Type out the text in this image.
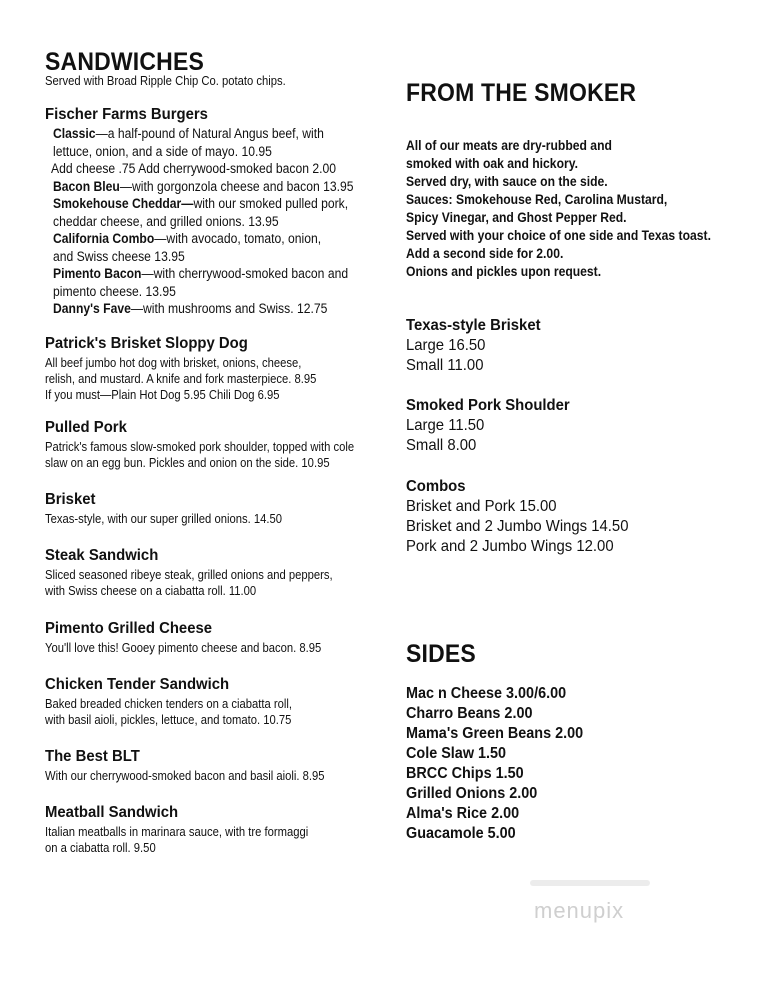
SANDWICHES
Served with Broad Ripple Chip Co. potato chips.
Fischer Farms Burgers
Classic—a half-pound of Natural Angus beef, with
lettuce, onion, and a side of mayo. 10.95
Add cheese .75 Add cherrywood-smoked bacon 2.00
Bacon Bleu—with gorgonzola cheese and bacon 13.95
Smokehouse Cheddar—with our smoked pulled pork,
cheddar cheese, and grilled onions. 13.95
California Combo—with avocado, tomato, onion,
and Swiss cheese 13.95
Pimento Bacon—with cherrywood-smoked bacon and
pimento cheese. 13.95
Danny's Fave—with mushrooms and Swiss. 12.75
Patrick's Brisket Sloppy Dog
All beef jumbo hot dog with brisket, onions, cheese,
relish, and mustard. A knife and fork masterpiece. 8.95
If you must—Plain Hot Dog 5.95 Chili Dog 6.95
Pulled Pork
Patrick's famous slow-smoked pork shoulder, topped with cole
slaw on an egg bun. Pickles and onion on the side. 10.95
Brisket
Texas-style, with our super grilled onions. 14.50
Steak Sandwich
Sliced seasoned ribeye steak, grilled onions and peppers,
with Swiss cheese on a ciabatta roll. 11.00
Pimento Grilled Cheese
You'll love this! Gooey pimento cheese and bacon. 8.95
Chicken Tender Sandwich
Baked breaded chicken tenders on a ciabatta roll,
with basil aioli, pickles, lettuce, and tomato. 10.75
The Best BLT
With our cherrywood-smoked bacon and basil aioli. 8.95
Meatball Sandwich
Italian meatballs in marinara sauce, with tre formaggi
on a ciabatta roll. 9.50
FROM THE SMOKER
All of our meats are dry-rubbed and
smoked with oak and hickory.
Served dry, with sauce on the side.
Sauces: Smokehouse Red, Carolina Mustard,
Spicy Vinegar, and Ghost Pepper Red.
Served with your choice of one side and Texas toast.
Add a second side for 2.00.
Onions and pickles upon request.
Texas-style Brisket
Large 16.50
Small 11.00
Smoked Pork Shoulder
Large 11.50
Small 8.00
Combos
Brisket and Pork 15.00
Brisket and 2 Jumbo Wings 14.50
Pork and 2 Jumbo Wings 12.00
SIDES
Mac n Cheese 3.00/6.00
Charro Beans 2.00
Mama's Green Beans 2.00
Cole Slaw 1.50
BRCC Chips 1.50
Grilled Onions 2.00
Alma's Rice 2.00
Guacamole 5.00
menupix
